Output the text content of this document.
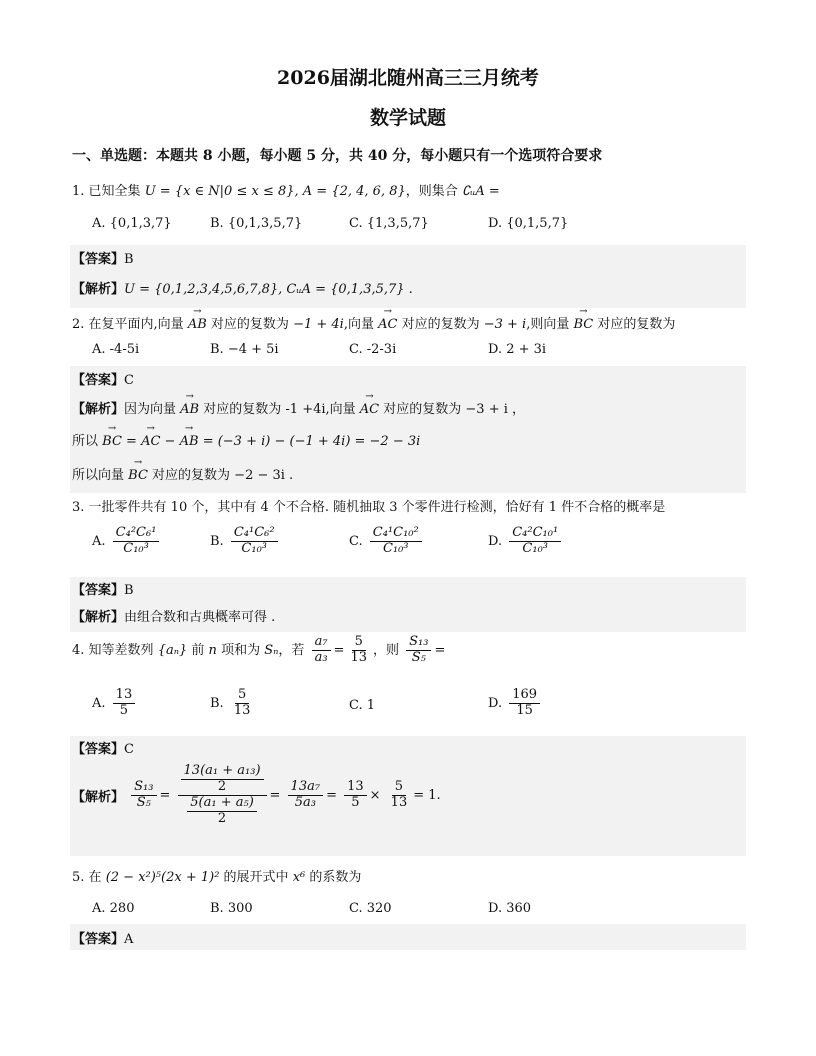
2026届湖北随州高三三月统考
数学试题
一、单选题：本题共 8 小题，每小题 5 分，共 40 分，每小题只有一个选项符合要求
1. 已知全集 U = {x ∈ N|0 ≤ x ≤ 8}, A = {2, 4, 6, 8}，则集合 ∁ᵤA =
A. {0,1,3,7}	B. {0,1,3,5,7}	C. {1,3,5,7}	D. {0,1,5,7}
【答案】B
【解析】U = {0,1,2,3,4,5,6,7,8}, CᵤA = {0,1,3,5,7} .
2. 在复平面内,向量 → AB 对应的复数为 −1 + 4i,向量 → AC 对应的复数为 −3 + i,则向量 → BC 对应的复数为
A. -4-5i	B. −4 + 5i	C. -2-3i	D. 2 + 3i
【答案】C
【解析】因为向量 → AB 对应的复数为 -1 +4i,向量 → AC 对应的复数为 −3 + i ，
所以 → BC = → AC − → AB = (−3 + i) − (−1 + 4i) = −2 − 3i
所以向量 → BC 对应的复数为 −2 − 3i .
3. 一批零件共有 10 个，其中有 4 个不合格. 随机抽取 3 个零件进行检测，恰好有 1 件不合格的概率是
A. $\frac{\text{C₄²C₆¹}}{\text{C₁₀³}}$	B. $\frac{\text{C₄¹C₆²}}{\text{C₁₀³}}$	C. $\frac{\text{C₄¹C₁₀²}}{\text{C₁₀³}}$	D. $\frac{\text{C₄²C₁₀¹}}{\text{C₁₀³}}$
【答案】B
【解析】由组合数和古典概率可得 .
4. 知等差数列 {aₙ} 前 n 项和为 Sₙ，若 $\frac{\text{a₇}}{\text{a₃}} = \frac{5}{13}$ ，则 $\frac{\text{S₁₃}}{\text{S₅}}$ =
A. $\frac{13}{5}$	B. $\frac{5}{13}$	C. 1	D. $\frac{169}{15}$
【答案】C
【解析】 $\frac{\text{S₁₃}}{\text{S₅}} = \frac{\frac{\text{13(a₁ + a₁₃)}}{2}}{\frac{\text{5(a₁ + a₅)}}{2}} = \frac{\text{13a₇}}{\text{5a₃}} = \frac{13}{5} \times \frac{5}{13} = 1$.
5. 在 (2 − x²)⁵(2x + 1)² 的展开式中 x⁶ 的系数为
A. 280	B. 300	C. 320	D. 360
【答案】A
